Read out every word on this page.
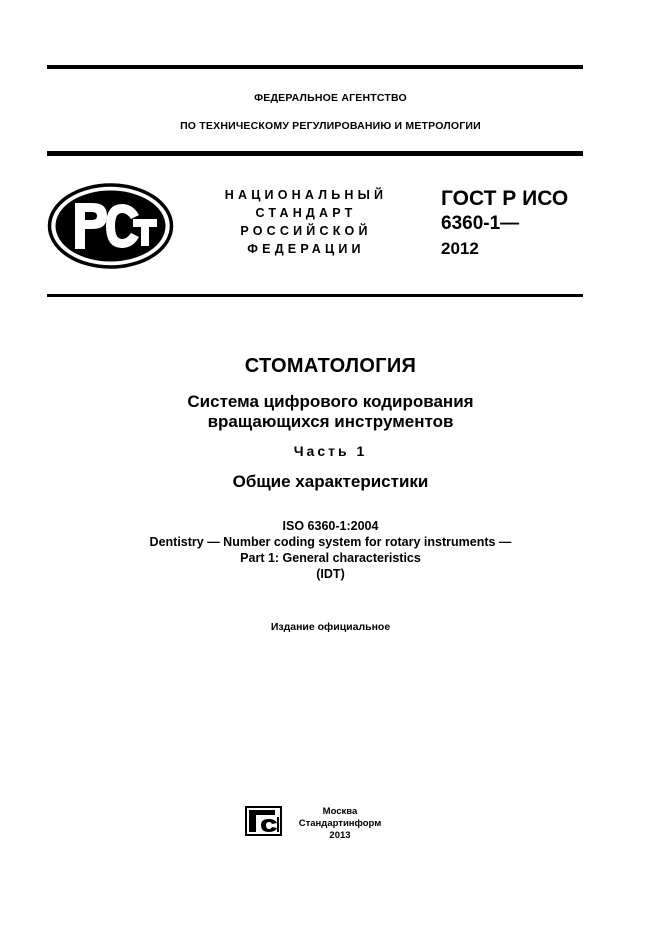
ФЕДЕРАЛЬНОЕ АГЕНТСТВО
ПО ТЕХНИЧЕСКОМУ РЕГУЛИРОВАНИЮ И МЕТРОЛОГИИ
НАЦИОНАЛЬНЫЙ
СТАНДАРТ
РОССИЙСКОЙ
ФЕДЕРАЦИИ
ГОСТ Р ИСО
6360-1—
2012
СТОМАТОЛОГИЯ
Система цифрового кодирования
вращающихся инструментов
Часть 1
Общие характеристики
ISO 6360-1:2004
Dentistry — Number coding system for rotary instruments —
Part 1: General characteristics
(IDT)
Издание официальное
Москва
Стандартинформ
2013
